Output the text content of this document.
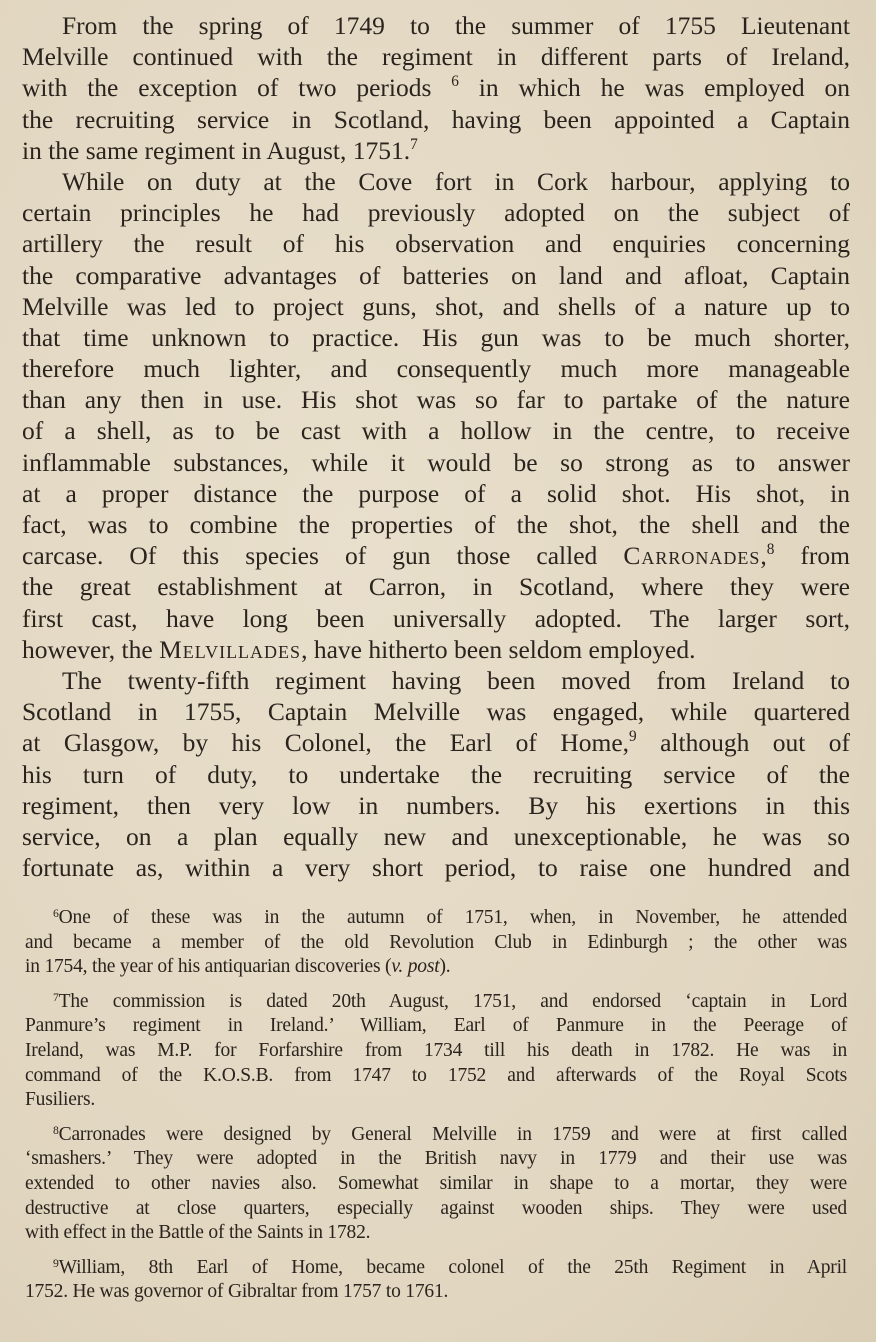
From the spring of 1749 to the summer of 1755 Lieutenant
Melville continued with the regiment in different parts of Ireland,
with the exception of two periods $^6$ in which he was employed on
the recruiting service in Scotland, having been appointed a Captain
in the same regiment in August, 1751.$^7$
While on duty at the Cove fort in Cork harbour, applying to
certain principles he had previously adopted on the subject of
artillery the result of his observation and enquiries concerning
the comparative advantages of batteries on land and afloat, Captain
Melville was led to project guns, shot, and shells of a nature up to
that time unknown to practice. His gun was to be much shorter,
therefore much lighter, and consequently much more manageable
than any then in use. His shot was so far to partake of the nature
of a shell, as to be cast with a hollow in the centre, to receive
inflammable substances, while it would be so strong as to answer
at a proper distance the purpose of a solid shot. His shot, in
fact, was to combine the properties of the shot, the shell and the
carcase. Of this species of gun those called Carronades,$^8$ from
the great establishment at Carron, in Scotland, where they were
first cast, have long been universally adopted. The larger sort,
however, the Melvillades, have hitherto been seldom employed.
The twenty-fifth regiment having been moved from Ireland to
Scotland in 1755, Captain Melville was engaged, while quartered
at Glasgow, by his Colonel, the Earl of Home,$^9$ although out of
his turn of duty, to undertake the recruiting service of the
regiment, then very low in numbers. By his exertions in this
service, on a plan equally new and unexceptionable, he was so
fortunate as, within a very short period, to raise one hundred and
$^6$One of these was in the autumn of 1751, when, in November, he attended
and became a member of the old Revolution Club in Edinburgh ; the other was
in 1754, the year of his antiquarian discoveries (v. post).
$^7$The commission is dated 20th August, 1751, and endorsed ‘captain in Lord
Panmure’s regiment in Ireland.’ William, Earl of Panmure in the Peerage of
Ireland, was M.P. for Forfarshire from 1734 till his death in 1782. He was in
command of the K.O.S.B. from 1747 to 1752 and afterwards of the Royal Scots
Fusiliers.
$^8$Carronades were designed by General Melville in 1759 and were at first called
‘smashers.’ They were adopted in the British navy in 1779 and their use was
extended to other navies also. Somewhat similar in shape to a mortar, they were
destructive at close quarters, especially against wooden ships. They were used
with effect in the Battle of the Saints in 1782.
$^9$William, 8th Earl of Home, became colonel of the 25th Regiment in April
1752. He was governor of Gibraltar from 1757 to 1761.
